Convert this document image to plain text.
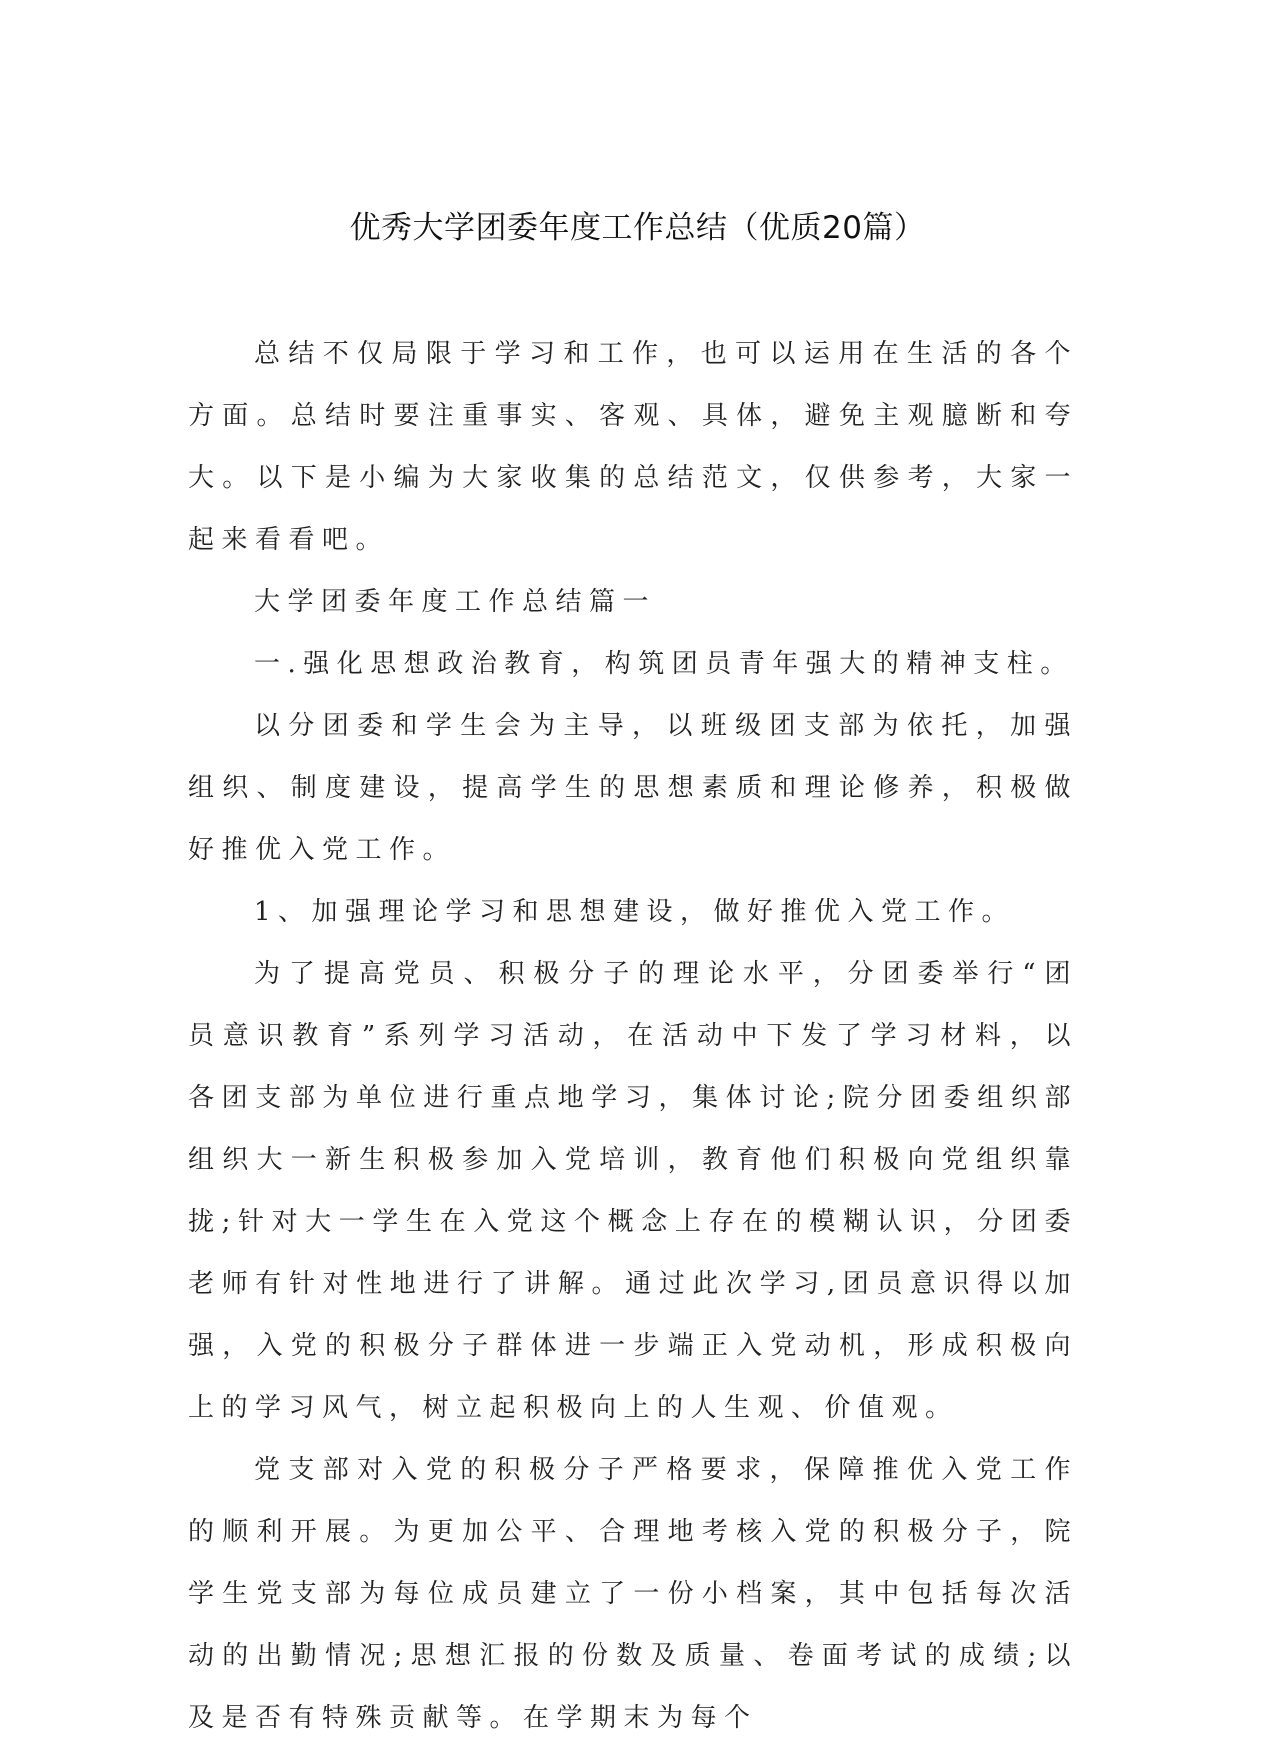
优秀大学团委年度工作总结（优质20篇）

总结不仅局限于学习和工作，也可以运用在生活的各个方面。总结时要注重事实、客观、具体，避免主观臆断和夸大。以下是小编为大家收集的总结范文，仅供参考，大家一起来看看吧。

大学团委年度工作总结篇一

一.强化思想政治教育，构筑团员青年强大的精神支柱。

以分团委和学生会为主导，以班级团支部为依托，加强组织、制度建设，提高学生的思想素质和理论修养，积极做好推优入党工作。

1、加强理论学习和思想建设，做好推优入党工作。

为了提高党员、积极分子的理论水平，分团委举行“团员意识教育”系列学习活动，在活动中下发了学习材料，以各团支部为单位进行重点地学习，集体讨论;院分团委组织部组织大一新生积极参加入党培训，教育他们积极向党组织靠拢;针对大一学生在入党这个概念上存在的模糊认识，分团委老师有针对性地进行了讲解。通过此次学习,团员意识得以加强，入党的积极分子群体进一步端正入党动机，形成积极向上的学习风气，树立起积极向上的人生观、价值观。

党支部对入党的积极分子严格要求，保障推优入党工作的顺利开展。为更加公平、合理地考核入党的积极分子，院学生党支部为每位成员建立了一份小档案，其中包括每次活动的出勤情况;思想汇报的份数及质量、卷面考试的成绩;以及是否有特殊贡献等。在学期末为每个
